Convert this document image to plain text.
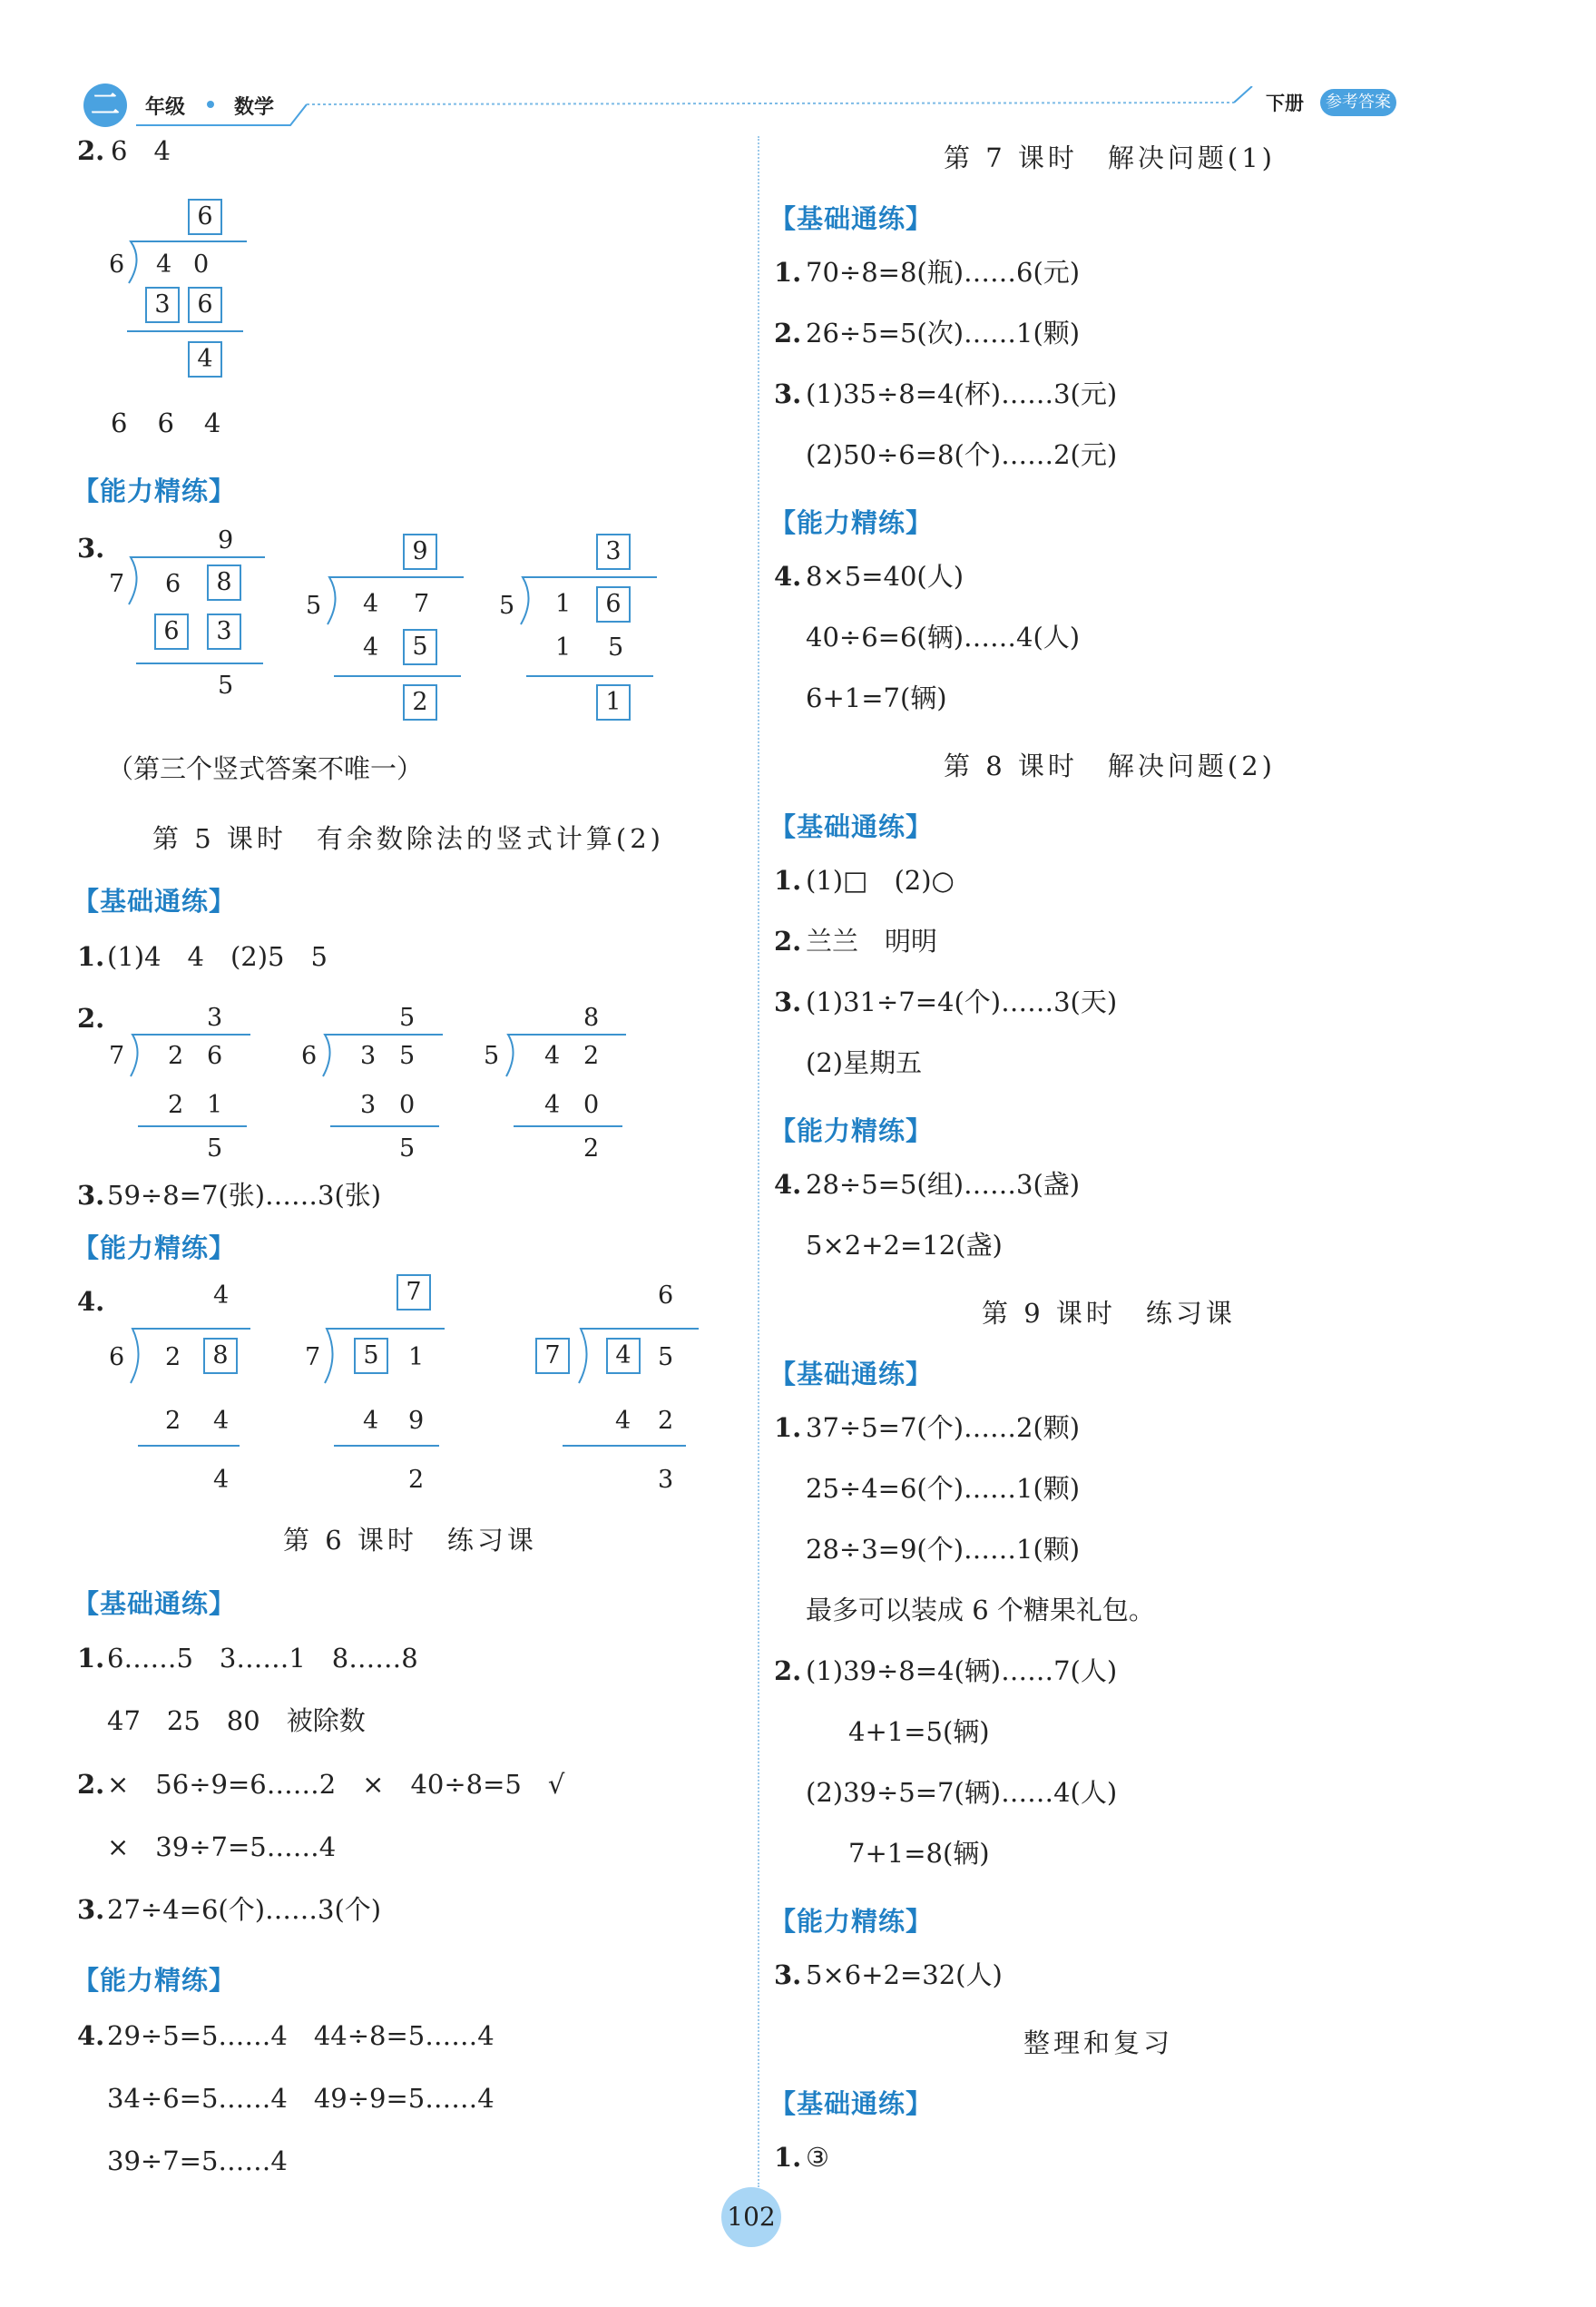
二	年级 数学	下册	参考答案
2. 6　4
6
6 4 0
3	6
4
6　6　4
【能力精练】
3.	9
7 6	8
6	3
5
9
5 4 7
4	5
2
3
5 1	6
1 5
1
（第三个竖式答案不唯一）
第 5 课时　有余数除法的竖式计算(2)
【基础通练】
1. (1)4　4　(2)5　5
2.	3
7 2 6
2 1
5
5
6 3 5
3 0
5
8
5 4 2
4 0
2
3. 59÷8=7(张)……3(张)
【能力精练】
4.	4
6 2	8
2 4
4
7
7	5	1
4 9
2
6
7	4	5
4 2
3
第 6 课时　练习课
【基础通练】
1. 6……5　3……1　8……8
47　25　80　被除数
2. ×　56÷9=6……2　×　40÷8=5　√
×　39÷7=5……4
3. 27÷4=6(个)……3(个)
【能力精练】
4. 29÷5=5……4　44÷8=5……4
34÷6=5……4　49÷9=5……4
39÷7=5……4
第 7 课时　解决问题(1)
【基础通练】
1. 70÷8=8(瓶)……6(元)
2. 26÷5=5(次)……1(颗)
3. (1)35÷8=4(杯)……3(元)
(2)50÷6=8(个)……2(元)
【能力精练】
4. 8×5=40(人)
40÷6=6(辆)……4(人)
6+1=7(辆)
第 8 课时　解决问题(2)
【基础通练】
1. (1)□　(2)○
2. 兰兰　明明
3. (1)31÷7=4(个)……3(天)
(2)星期五
【能力精练】
4. 28÷5=5(组)……3(盏)
5×2+2=12(盏)
第 9 课时　练习课
【基础通练】
1. 37÷5=7(个)……2(颗)
25÷4=6(个)……1(颗)
28÷3=9(个)……1(颗)
最多可以装成 6 个糖果礼包。
2. (1)39÷8=4(辆)……7(人)
4+1=5(辆)
(2)39÷5=7(辆)……4(人)
7+1=8(辆)
【能力精练】
3. 5×6+2=32(人)
整理和复习
【基础通练】
1. ③
102
